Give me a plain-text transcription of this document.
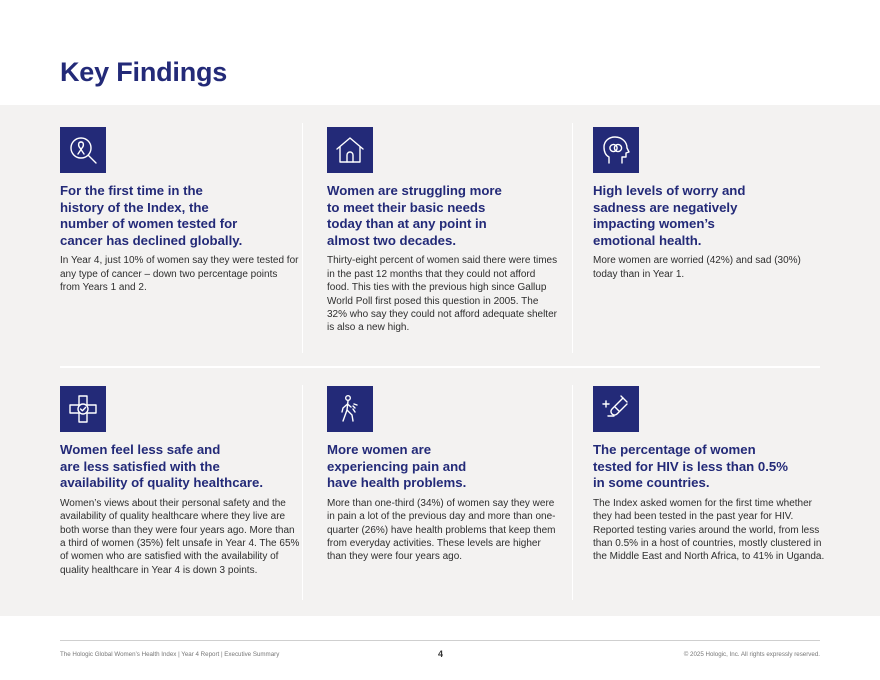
Key Findings
For the first time in the
history of the Index, the
number of women tested for
cancer has declined globally.
In Year 4, just 10% of women say they were tested for any type of cancer – down two percentage points from Years 1 and 2.
Women are struggling more
to meet their basic needs
today than at any point in
almost two decades.
Thirty-eight percent of women said there were times in the past 12 months that they could not afford food. This ties with the previous high since Gallup World Poll first posed this question in 2005. The 32% who say they could not afford adequate shelter is also a new high.
High levels of worry and
sadness are negatively
impacting women’s
emotional health.
More women are worried (42%) and sad (30%) today than in Year 1.
Women feel less safe and
are less satisfied with the
availability of quality healthcare.
Women’s views about their personal safety and the availability of quality healthcare where they live are both worse than they were four years ago. More than a third of women (35%) felt unsafe in Year 4. The 65% of women who are satisfied with the availability of quality healthcare in Year 4 is down 3 points.
More women are
experiencing pain and
have health problems.
More than one-third (34%) of women say they were in pain a lot of the previous day and more than one-quarter (26%) have health problems that keep them from everyday activities. These levels are higher than they were four years ago.
The percentage of women
tested for HIV is less than 0.5%
in some countries.
The Index asked women for the first time whether they had been tested in the past year for HIV. Reported testing varies around the world, from less than 0.5% in a host of countries, mostly clustered in the Middle East and North Africa, to 41% in Uganda.
The Hologic Global Women’s Health Index | Year 4 Report | Executive Summary	4	© 2025 Hologic, Inc. All rights expressly reserved.
